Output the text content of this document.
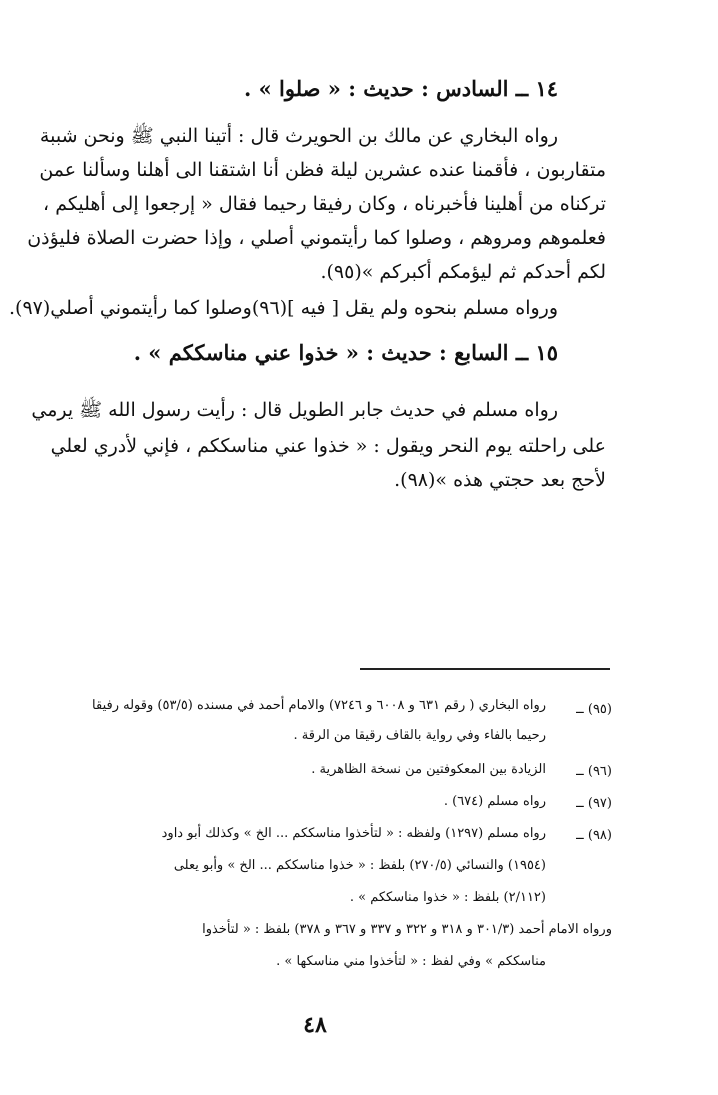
١٤ ــ السادس : حديث : « صلوا » .
رواه البخاري عن مالك بن الحويرث قال : أتينا النبي ﷺ ونحن شببة
متقاربون ، فأقمنا عنده عشرين ليلة فظن أنا اشتقنا الى أهلنا وسألنا عمن
تركناه من أهلينا فأخبرناه ، وكان رفيقا رحيما فقال « إرجعوا إلى أهليكم ،
فعلموهم ومروهم ، وصلوا كما رأيتموني أصلي ، وإذا حضرت الصلاة فليؤذن
لكم أحدكم ثم ليؤمكم أكبركم »(٩٥).
ورواه مسلم بنحوه ولم يقل [ فيه ](٩٦)وصلوا كما رأيتموني أصلي(٩٧).
١٥ ــ السابع : حديث : « خذوا عني مناسككم » .
رواه مسلم في حديث جابر الطويل قال : رأيت رسول الله ﷺ يرمي
على راحلته يوم النحر ويقول : « خذوا عني مناسككم ، فإني لأدري لعلي
لأحج بعد حجتي هذه »(٩٨).
(٩٥) ــ
رواه البخاري ( رقم ٦٣١ و ٦٠٠٨ و ٧٢٤٦) والامام أحمد في مسنده (٥٣/٥) وقوله رفيقا
رحيما بالفاء وفي رواية بالقاف رقيقا من الرقة .
(٩٦) ــ
الزيادة بين المعكوفتين من نسخة الظاهرية .
(٩٧) ــ
رواه مسلم (٦٧٤) .
(٩٨) ــ
رواه مسلم (١٢٩٧) ولفظه : « لتأخذوا مناسككم ... الخ » وكذلك أبو داود
(١٩٥٤) والنسائي (٢٧٠/٥) بلفظ : « خذوا مناسككم ... الخ » وأبو يعلى
(٢/١١٢) بلفظ : « خذوا مناسككم » .
ورواه الامام أحمد (٣٠١/٣ و ٣١٨ و ٣٢٢ و ٣٣٧ و ٣٦٧ و ٣٧٨) بلفظ : « لتأخذوا
مناسككم » وفي لفظ : « لتأخذوا مني مناسكها » .
٤٨
